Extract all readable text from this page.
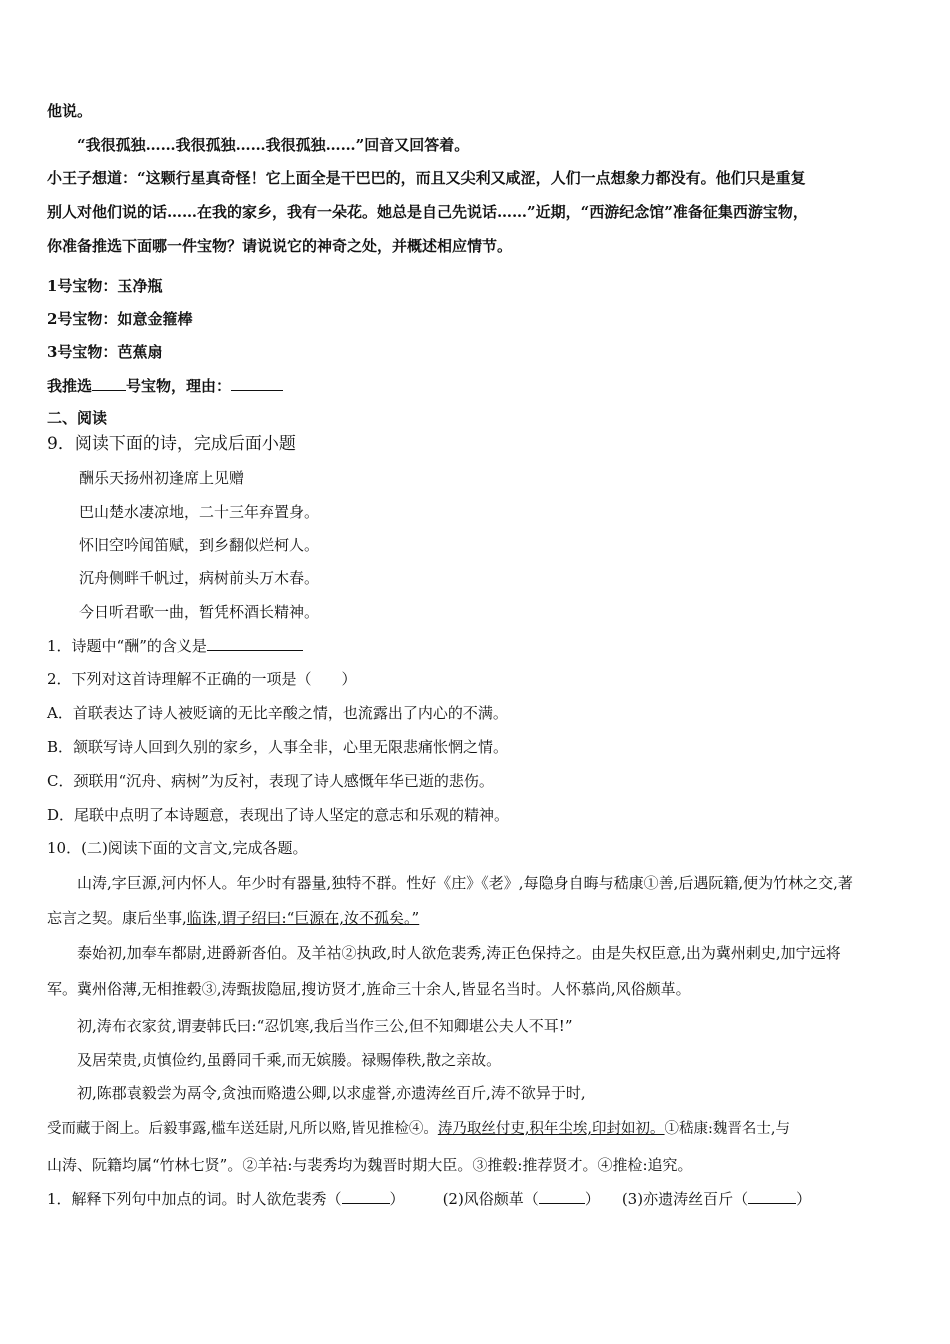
他说。
“我很孤独……我很孤独……我很孤独……”回音又回答着。
小王子想道：“这颗行星真奇怪！它上面全是干巴巴的，而且又尖利又咸涩，人们一点想象力都没有。他们只是重复
别人对他们说的话……在我的家乡，我有一朵花。她总是自己先说话……”近期，“西游纪念馆”准备征集西游宝物，
你准备推选下面哪一件宝物？请说说它的神奇之处，并概述相应情节。
1号宝物：玉净瓶
2号宝物：如意金箍棒
3号宝物：芭蕉扇
我推选 号宝物，理由：
二、阅读
9．阅读下面的诗，完成后面小题
酬乐天扬州初逢席上见赠
巴山楚水凄凉地，二十三年弃置身。
怀旧空吟闻笛赋，到乡翻似烂柯人。
沉舟侧畔千帆过，病树前头万木春。
今日听君歌一曲，暂凭杯酒长精神。
1．诗题中“酬”的含义是
2．下列对这首诗理解不正确的一项是（　　）
A．首联表达了诗人被贬谪的无比辛酸之情，也流露出了内心的不满。
B．颔联写诗人回到久别的家乡，人事全非，心里无限悲痛怅惘之情。
C．颈联用“沉舟、病树”为反衬，表现了诗人感慨年华已逝的悲伤。
D．尾联中点明了本诗题意，表现出了诗人坚定的意志和乐观的精神。
10．(二)阅读下面的文言文,完成各题。
山涛,字巨源,河内怀人。年少时有器量,独特不群。性好《庄》《老》,每隐身自晦与嵇康①善,后遇阮籍,便为竹林之交,著
忘言之契。康后坐事,临诛,谓子绍曰:“巨源在,汝不孤矣。”
泰始初,加奉车都尉,进爵新沓伯。及羊祜②执政,时人欲危裴秀,涛正色保持之。由是失权臣意,出为冀州刺史,加宁远将
军。冀州俗薄,无相推毂③,涛甄拔隐屈,搜访贤才,旌命三十余人,皆显名当时。人怀慕尚,风俗颇革。
初,涛布衣家贫,谓妻韩氏曰:“忍饥寒,我后当作三公,但不知卿堪公夫人不耳!”
及居荣贵,贞慎俭约,虽爵同千乘,而无嫔媵。禄赐俸秩,散之亲故。
初,陈郡袁毅尝为鬲令,贪浊而赂遗公卿,以求虚誉,亦遗涛丝百斤,涛不欲异于时,
受而藏于阁上。后毅事露,槛车送廷尉,凡所以赂,皆见推检④。涛乃取丝付吏,积年尘埃,印封如初。①嵇康:魏晋名士,与
山涛、阮籍均属“竹林七贤”。②羊祜:与裴秀均为魏晋时期大臣。③推毂:推荐贤才。④推检:追究。
1．解释下列句中加点的词。时人欲危裴秀（	）	(2)风俗颇革（	） (3)亦遗涛丝百斤（	）
